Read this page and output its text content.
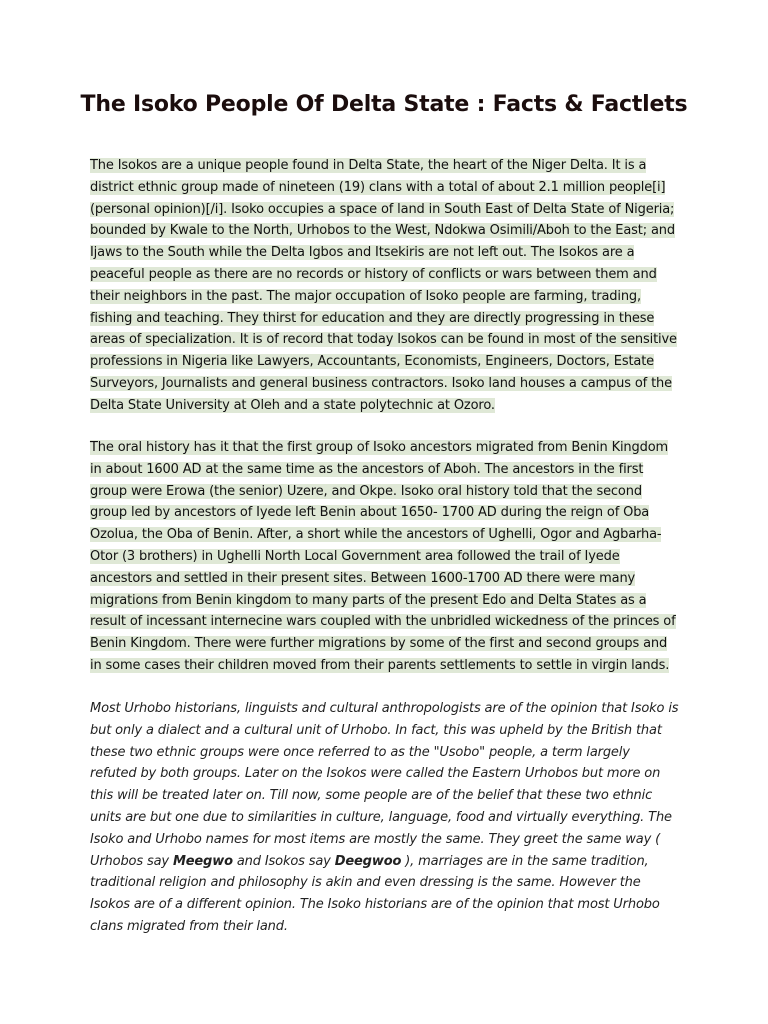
The Isoko People Of Delta State : Facts & Factlets

The Isokos are a unique people found in Delta State, the heart of the Niger Delta. It is a district ethnic group made of nineteen (19) clans with a total of about 2.1 million people[i](personal opinion)[/i]. Isoko occupies a space of land in South East of Delta State of Nigeria; bounded by Kwale to the North, Urhobos to the West, Ndokwa Osimili/Aboh to the East; and Ijaws to the South while the Delta Igbos and Itsekiris are not left out. The Isokos are a peaceful people as there are no records or history of conflicts or wars between them and their neighbors in the past. The major occupation of Isoko people are farming, trading, fishing and teaching. They thirst for education and they are directly progressing in these areas of specialization. It is of record that today Isokos can be found in most of the sensitive professions in Nigeria like Lawyers, Accountants, Economists, Engineers, Doctors, Estate Surveyors, Journalists and general business contractors. Isoko land houses a campus of the Delta State University at Oleh and a state polytechnic at Ozoro.

The oral history has it that the first group of Isoko ancestors migrated from Benin Kingdom in about 1600 AD at the same time as the ancestors of Aboh. The ancestors in the first group were Erowa (the senior) Uzere, and Okpe. Isoko oral history told that the second group led by ancestors of Iyede left Benin about 1650- 1700 AD during the reign of Oba Ozolua, the Oba of Benin. After, a short while the ancestors of Ughelli, Ogor and Agbarha- Otor (3 brothers) in Ughelli North Local Government area followed the trail of Iyede ancestors and settled in their present sites. Between 1600-1700 AD there were many migrations from Benin kingdom to many parts of the present Edo and Delta States as a result of incessant internecine wars coupled with the unbridled wickedness of the princes of Benin Kingdom. There were further migrations by some of the first and second groups and in some cases their children moved from their parents settlements to settle in virgin lands.

Most Urhobo historians, linguists and cultural anthropologists are of the opinion that Isoko is but only a dialect and a cultural unit of Urhobo. In fact, this was upheld by the British that these two ethnic groups were once referred to as the "Usobo" people, a term largely refuted by both groups. Later on the Isokos were called the Eastern Urhobos but more on this will be treated later on. Till now, some people are of the belief that these two ethnic units are but one due to similarities in culture, language, food and virtually everything. The Isoko and Urhobo names for most items are mostly the same. They greet the same way ( Urhobos say Meegwo and Isokos say Deegwoo ), marriages are in the same tradition, traditional religion and philosophy is akin and even dressing is the same. However the Isokos are of a different opinion. The Isoko historians are of the opinion that most Urhobo clans migrated from their land.
